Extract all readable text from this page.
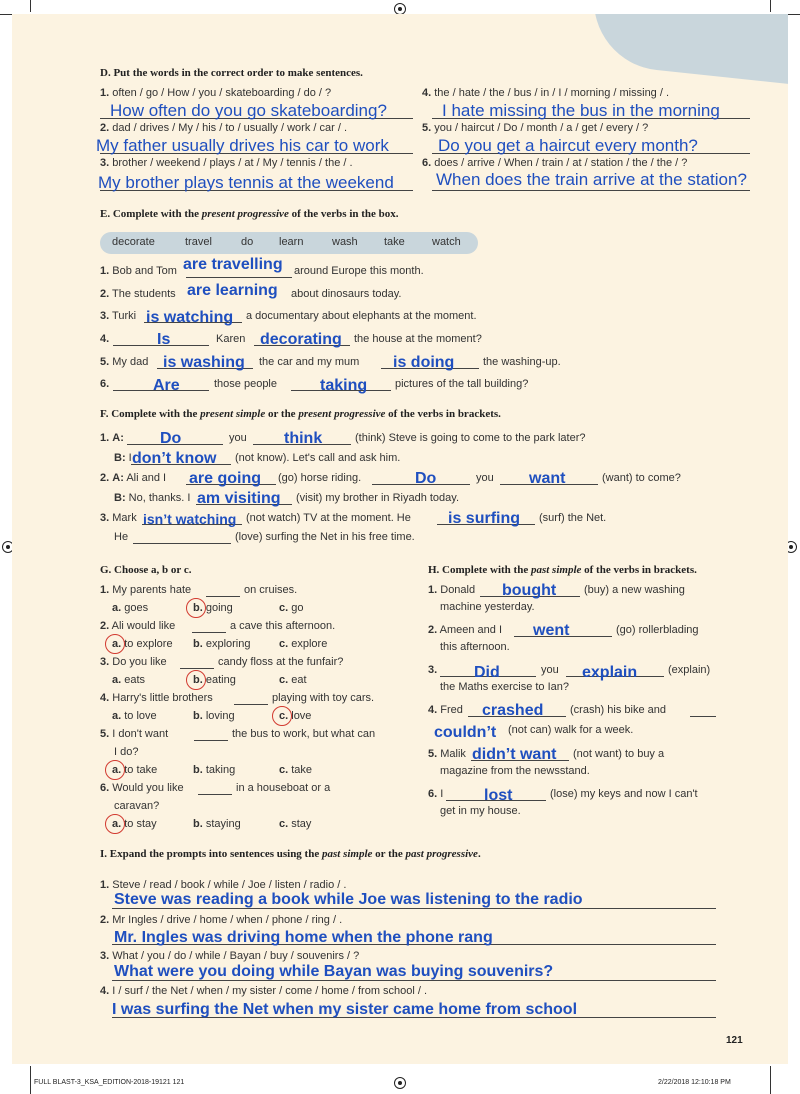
D. Put the words in the correct order to make sentences.
1. often / go / How / you / skateboarding / do / ?
How often do you go skateboarding?
2. dad / drives / My / his / to / usually / work / car / .
My father usually drives his car to work
3. brother / weekend / plays / at / My / tennis / the / .
My brother plays tennis at the weekend
4. the / hate / the / bus / in / I / morning / missing / .
I hate missing the bus in the morning
5. you / haircut / Do / month / a / get / every / ?
Do you get a haircut every month?
6. does / arrive / When / train / at / station / the / the / ?
When does the train arrive at the station?
E. Complete with the present progressive of the verbs in the box.
decorate	travel	do learn	wash take watch
1. Bob and Tom are travelling around Europe this month.
2. The students are learning about dinosaurs today.
3. Turki is watching a documentary about elephants at the moment.
4.	Is	Karen decorating the house at the moment?
5. My dad is washing the car and my mum is doing	the washing-up.
6.	Are	those people	taking	pictures of the tall building?
F. Complete with the present simple or the present progressive of the verbs in brackets.
1. A: Do	you think	(think) Steve is going to come to the park later?
B: I don’t know (not know). Let's call and ask him.
2. A: Ali and I are going (go) horse riding.	Do	you want	(want) to come?
B: No, thanks. I am visiting (visit) my brother in Riyadh today.
3. Mark isn’t watching (not watch) TV at the moment. He is surfing (surf) the Net.
He	(love) surfing the Net in his free time.
G. Choose a, b or c.
1. My parents hate	on cruises.
a. goes	b. going	c. go
2. Ali would like	a cave this afternoon.
a. to explore b. exploring	c. explore
3. Do you like	candy floss at the funfair?
a. eats	b. eating	c. eat
4. Harry's little brothers	playing with toy cars.
a. to love	b. loving	c. love
5. I don't want	the bus to work, but what can
I do?
a. to take	b. taking	c. take
6. Would you like	in a houseboat or a
caravan?
a. to stay	b. staying	c. stay
H. Complete with the past simple of the verbs in brackets.
1. Donald bought	(buy) a new washing
machine yesterday.
2. Ameen and I went	(go) rollerblading
this afternoon.
3. Did	you explain	(explain)
the Maths exercise to Ian?
4. Fred crashed (crash) his bike and
couldn’t (not can) walk for a week.
5. Malik didn’t want (not want) to buy a
magazine from the newsstand.
6. I	lost	(lose) my keys and now I can't
get in my house.
I. Expand the prompts into sentences using the past simple or the past progressive.
1. Steve / read / book / while / Joe / listen / radio / .
Steve was reading a book while Joe was listening to the radio
2. Mr Ingles / drive / home / when / phone / ring / .
Mr. Ingles was driving home when the phone rang
3. What / you / do / while / Bayan / buy / souvenirs / ?
What were you doing while Bayan was buying souvenirs?
4. I / surf / the Net / when / my sister / come / home / from school / .
I was surfing the Net when my sister came home from school
121
FULL BLAST-3_KSA_EDITION-2018-19121 121	2/22/2018 12:10:18 PM
